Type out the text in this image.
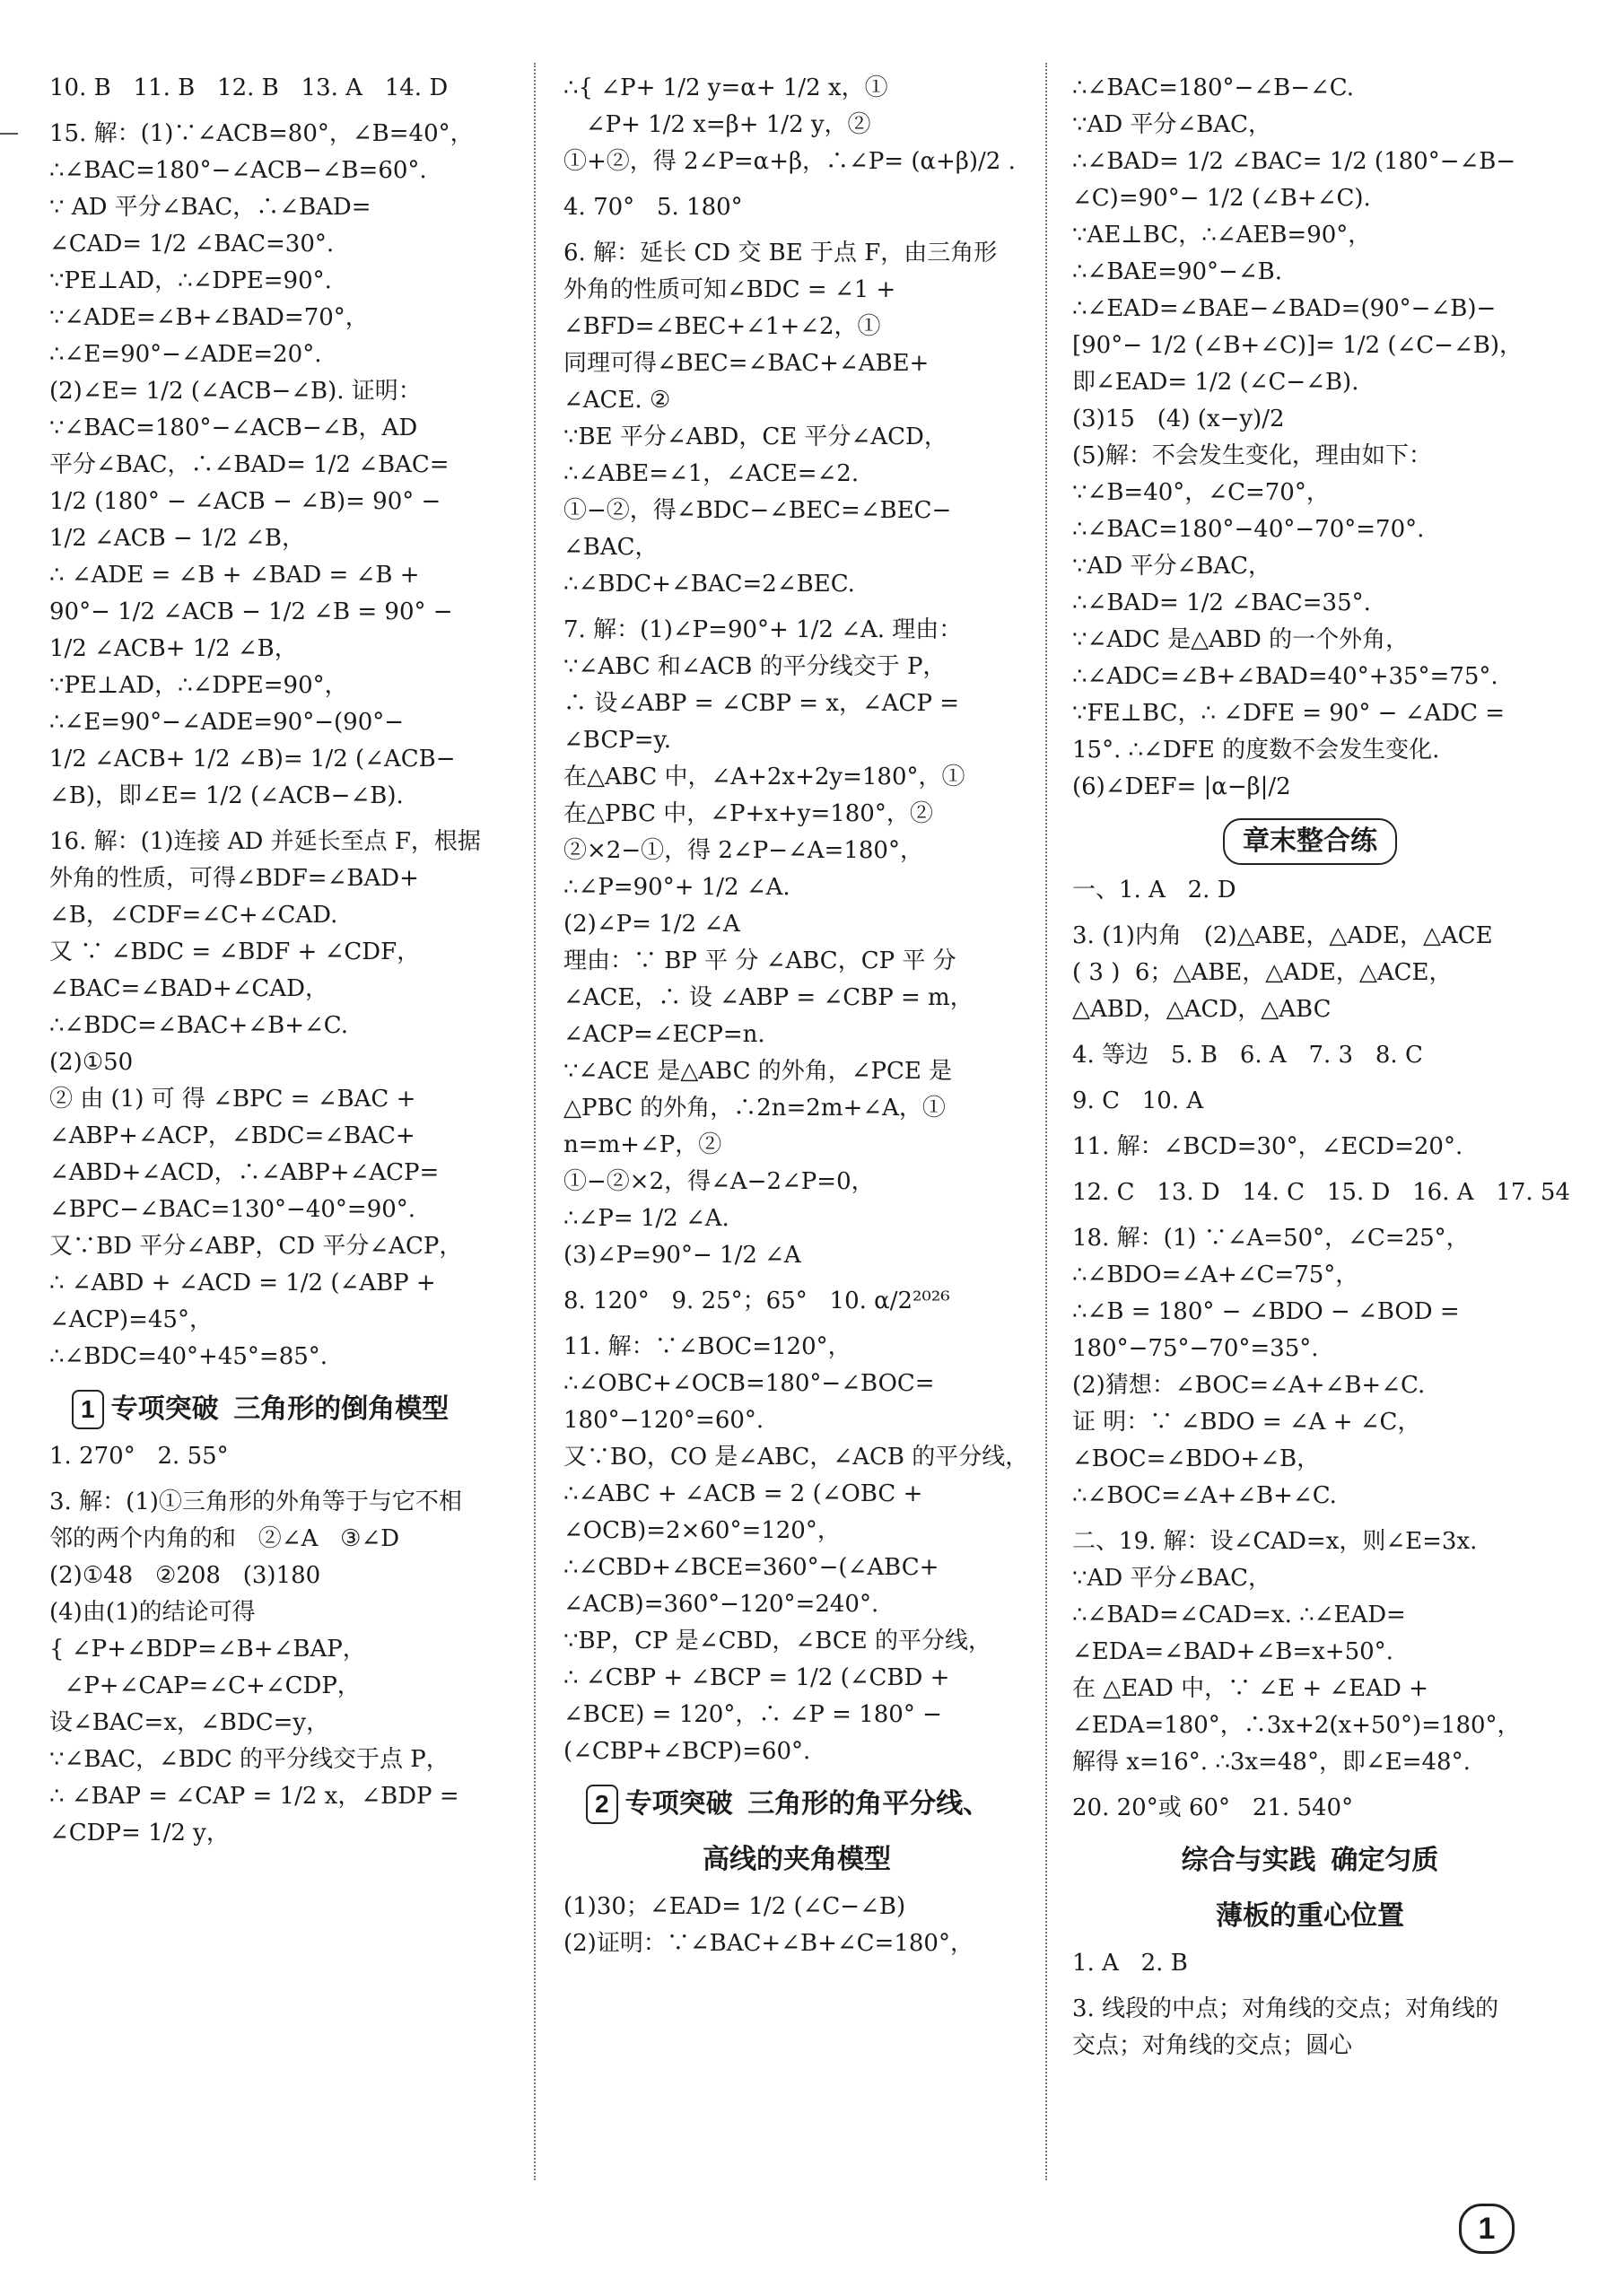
10. B   11. B   12. B   13. A   14. D
15. 解：(1)∵∠ACB=80°，∠B=40°，
∴∠BAC=180°−∠ACB−∠B=60°.
∵ AD 平分∠BAC，∴∠BAD=
∠CAD= 1/2 ∠BAC=30°.
∵PE⊥AD，∴∠DPE=90°.
∵∠ADE=∠B+∠BAD=70°，
∴∠E=90°−∠ADE=20°.
(2)∠E= 1/2 (∠ACB−∠B). 证明：
∵∠BAC=180°−∠ACB−∠B，AD
平分∠BAC，∴∠BAD= 1/2 ∠BAC=
1/2 (180° − ∠ACB − ∠B)= 90° −
1/2 ∠ACB − 1/2 ∠B，
∴ ∠ADE = ∠B + ∠BAD = ∠B +
90°− 1/2 ∠ACB − 1/2 ∠B = 90° −
1/2 ∠ACB+ 1/2 ∠B，
∵PE⊥AD，∴∠DPE=90°，
∴∠E=90°−∠ADE=90°−(90°−
1/2 ∠ACB+ 1/2 ∠B)= 1/2 (∠ACB−
∠B)，即∠E= 1/2 (∠ACB−∠B).
16. 解：(1)连接 AD 并延长至点 F，根据
外角的性质，可得∠BDF=∠BAD+
∠B，∠CDF=∠C+∠CAD.
又 ∵ ∠BDC = ∠BDF + ∠CDF，
∠BAC=∠BAD+∠CAD，
∴∠BDC=∠BAC+∠B+∠C.
(2)①50
② 由 (1) 可 得 ∠BPC = ∠BAC +
∠ABP+∠ACP，∠BDC=∠BAC+
∠ABD+∠ACD，∴∠ABP+∠ACP=
∠BPC−∠BAC=130°−40°=90°.
又∵BD 平分∠ABP，CD 平分∠ACP，
∴ ∠ABD + ∠ACD = 1/2 (∠ABP +
∠ACP)=45°，
∴∠BDC=40°+45°=85°.
1 专项突破  三角形的倒角模型
1. 270°   2. 55°
3. 解：(1)①三角形的外角等于与它不相
邻的两个内角的和   ②∠A   ③∠D
(2)①48   ②208   (3)180
(4)由(1)的结论可得
{ ∠P+∠BDP=∠B+∠BAP，
∠P+∠CAP=∠C+∠CDP，
设∠BAC=x，∠BDC=y，
∵∠BAC，∠BDC 的平分线交于点 P，
∴ ∠BAP = ∠CAP = 1/2 x，∠BDP =
∠CDP= 1/2 y，
∴{ ∠P+ 1/2 y=α+ 1/2 x，①
∠P+ 1/2 x=β+ 1/2 y，②
①+②，得 2∠P=α+β，∴∠P= (α+β)/2 .
4. 70°   5. 180°
6. 解：延长 CD 交 BE 于点 F，由三角形
外角的性质可知∠BDC = ∠1 +
∠BFD=∠BEC+∠1+∠2，①
同理可得∠BEC=∠BAC+∠ABE+
∠ACE. ②
∵BE 平分∠ABD，CE 平分∠ACD，
∴∠ABE=∠1，∠ACE=∠2.
①−②，得∠BDC−∠BEC=∠BEC−
∠BAC，
∴∠BDC+∠BAC=2∠BEC.
7. 解：(1)∠P=90°+ 1/2 ∠A. 理由：
∵∠ABC 和∠ACB 的平分线交于 P，
∴ 设∠ABP = ∠CBP = x，∠ACP =
∠BCP=y.
在△ABC 中，∠A+2x+2y=180°，①
在△PBC 中，∠P+x+y=180°，②
②×2−①，得 2∠P−∠A=180°，
∴∠P=90°+ 1/2 ∠A.
(2)∠P= 1/2 ∠A
理由：∵ BP 平 分 ∠ABC，CP 平 分
∠ACE，∴ 设 ∠ABP = ∠CBP = m，
∠ACP=∠ECP=n.
∵∠ACE 是△ABC 的外角，∠PCE 是
△PBC 的外角，∴2n=2m+∠A，①
n=m+∠P，②
①−②×2，得∠A−2∠P=0，
∴∠P= 1/2 ∠A.
(3)∠P=90°− 1/2 ∠A
8. 120°   9. 25°；65°   10. α/2²⁰²⁶
11. 解：∵∠BOC=120°，
∴∠OBC+∠OCB=180°−∠BOC=
180°−120°=60°.
又∵BO，CO 是∠ABC，∠ACB 的平分线，
∴∠ABC + ∠ACB = 2 (∠OBC +
∠OCB)=2×60°=120°，
∴∠CBD+∠BCE=360°−(∠ABC+
∠ACB)=360°−120°=240°.
∵BP，CP 是∠CBD，∠BCE 的平分线，
∴ ∠CBP + ∠BCP = 1/2 (∠CBD +
∠BCE) = 120°，∴ ∠P = 180° −
(∠CBP+∠BCP)=60°.
2 专项突破  三角形的角平分线、
高线的夹角模型
(1)30；∠EAD= 1/2 (∠C−∠B)
(2)证明：∵∠BAC+∠B+∠C=180°，
∴∠BAC=180°−∠B−∠C.
∵AD 平分∠BAC，
∴∠BAD= 1/2 ∠BAC= 1/2 (180°−∠B−
∠C)=90°− 1/2 (∠B+∠C).
∵AE⊥BC，∴∠AEB=90°，
∴∠BAE=90°−∠B.
∴∠EAD=∠BAE−∠BAD=(90°−∠B)−
[90°− 1/2 (∠B+∠C)]= 1/2 (∠C−∠B)，
即∠EAD= 1/2 (∠C−∠B).
(3)15   (4) (x−y)/2
(5)解：不会发生变化，理由如下：
∵∠B=40°，∠C=70°，
∴∠BAC=180°−40°−70°=70°.
∵AD 平分∠BAC，
∴∠BAD= 1/2 ∠BAC=35°.
∵∠ADC 是△ABD 的一个外角，
∴∠ADC=∠B+∠BAD=40°+35°=75°.
∵FE⊥BC，∴ ∠DFE = 90° − ∠ADC =
15°. ∴∠DFE 的度数不会发生变化.
(6)∠DEF= |α−β|/2
章末整合练
一、1. A   2. D
3. (1)内角   (2)△ABE，△ADE，△ACE
( 3 )  6；△ABE，△ADE，△ACE，
△ABD，△ACD，△ABC
4. 等边   5. B   6. A   7. 3   8. C
9. C   10. A
11. 解：∠BCD=30°，∠ECD=20°.
12. C   13. D   14. C   15. D   16. A   17. 54
18. 解：(1) ∵∠A=50°，∠C=25°，
∴∠BDO=∠A+∠C=75°，
∴∠B = 180° − ∠BDO − ∠BOD =
180°−75°−70°=35°.
(2)猜想：∠BOC=∠A+∠B+∠C.
证 明：∵ ∠BDO = ∠A + ∠C，
∠BOC=∠BDO+∠B，
∴∠BOC=∠A+∠B+∠C.
二、19. 解：设∠CAD=x，则∠E=3x.
∵AD 平分∠BAC，
∴∠BAD=∠CAD=x. ∴∠EAD=
∠EDA=∠BAD+∠B=x+50°.
在 △EAD 中，∵ ∠E + ∠EAD +
∠EDA=180°，∴3x+2(x+50°)=180°，
解得 x=16°. ∴3x=48°，即∠E=48°.
20. 20°或 60°   21. 540°
综合与实践  确定匀质
薄板的重心位置
1. A   2. B
3. 线段的中点；对角线的交点；对角线的
交点；对角线的交点；圆心
1
